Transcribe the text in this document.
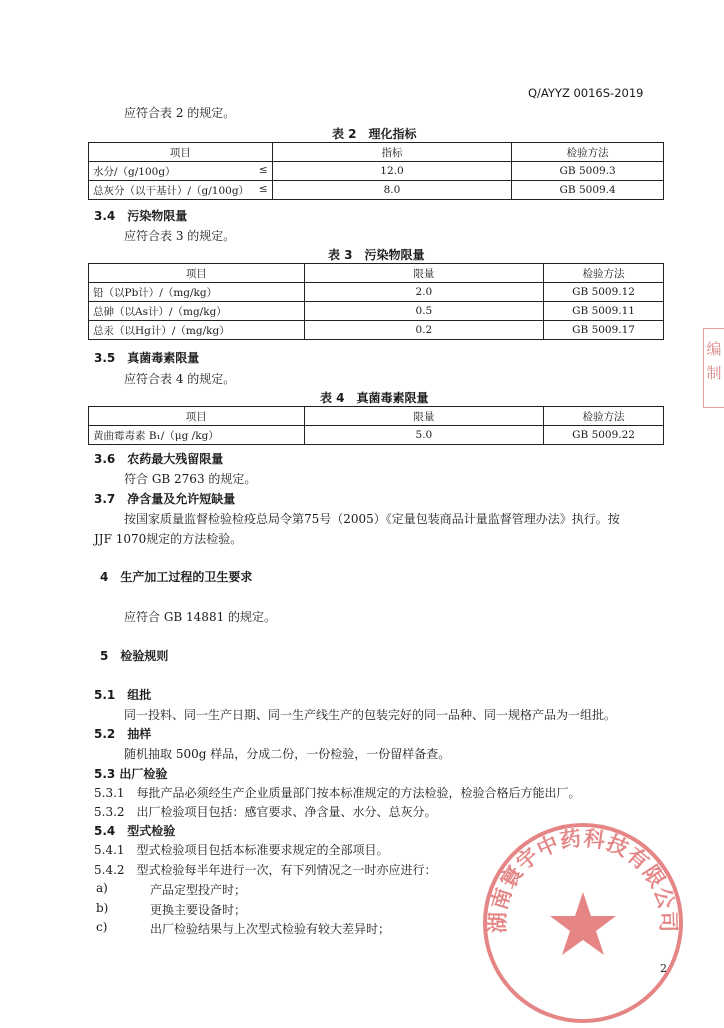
Q/AYYZ 0016S-2019
应符合表 2 的规定。
表 2　理化指标
项目	指标	检验方法
水分/（g/100g） ≤	12.0	GB 5009.3
总灰分（以干基计）/（g/100g） ≤	8.0	GB 5009.4
3.4　污染物限量
应符合表 3 的规定。
表 3　污染物限量
项目	限量	检验方法
铅（以Pb计）/（mg/kg）	2.0	GB 5009.12
总砷（以As计）/（mg/kg）	0.5	GB 5009.11
总汞（以Hg计）/（mg/kg）	0.2	GB 5009.17
3.5　真菌毒素限量
应符合表 4 的规定。
表 4　真菌毒素限量
项目	限量	检验方法
黄曲霉毒素 B₁/（μg /kg）	5.0	GB 5009.22
3.6　农药最大残留限量
符合 GB 2763 的规定。
3.7　净含量及允许短缺量
按国家质量监督检验检疫总局令第75号（2005）《定量包装商品计量监督管理办法》执行。按
JJF 1070规定的方法检验。
4　生产加工过程的卫生要求
应符合 GB 14881 的规定。
5　检验规则
5.1　组批
同一投料、同一生产日期、同一生产线生产的包装完好的同一品种、同一规格产品为一组批。
5.2　抽样
随机抽取 500g 样品，分成二份，一份检验，一份留样备查。
5.3 出厂检验
5.3.1　每批产品必须经生产企业质量部门按本标准规定的方法检验，检验合格后方能出厂。
5.3.2　出厂检验项目包括：感官要求、净含量、水分、总灰分。
5.4　型式检验
5.4.1　型式检验项目包括本标准要求规定的全部项目。
5.4.2　型式检验每半年进行一次，有下列情况之一时亦应进行：
a)	产品定型投产时；
b)	更换主要设备时；
c)	出厂检验结果与上次型式检验有较大差异时；	湖南寰宇中药科技有限公司
编制
2
